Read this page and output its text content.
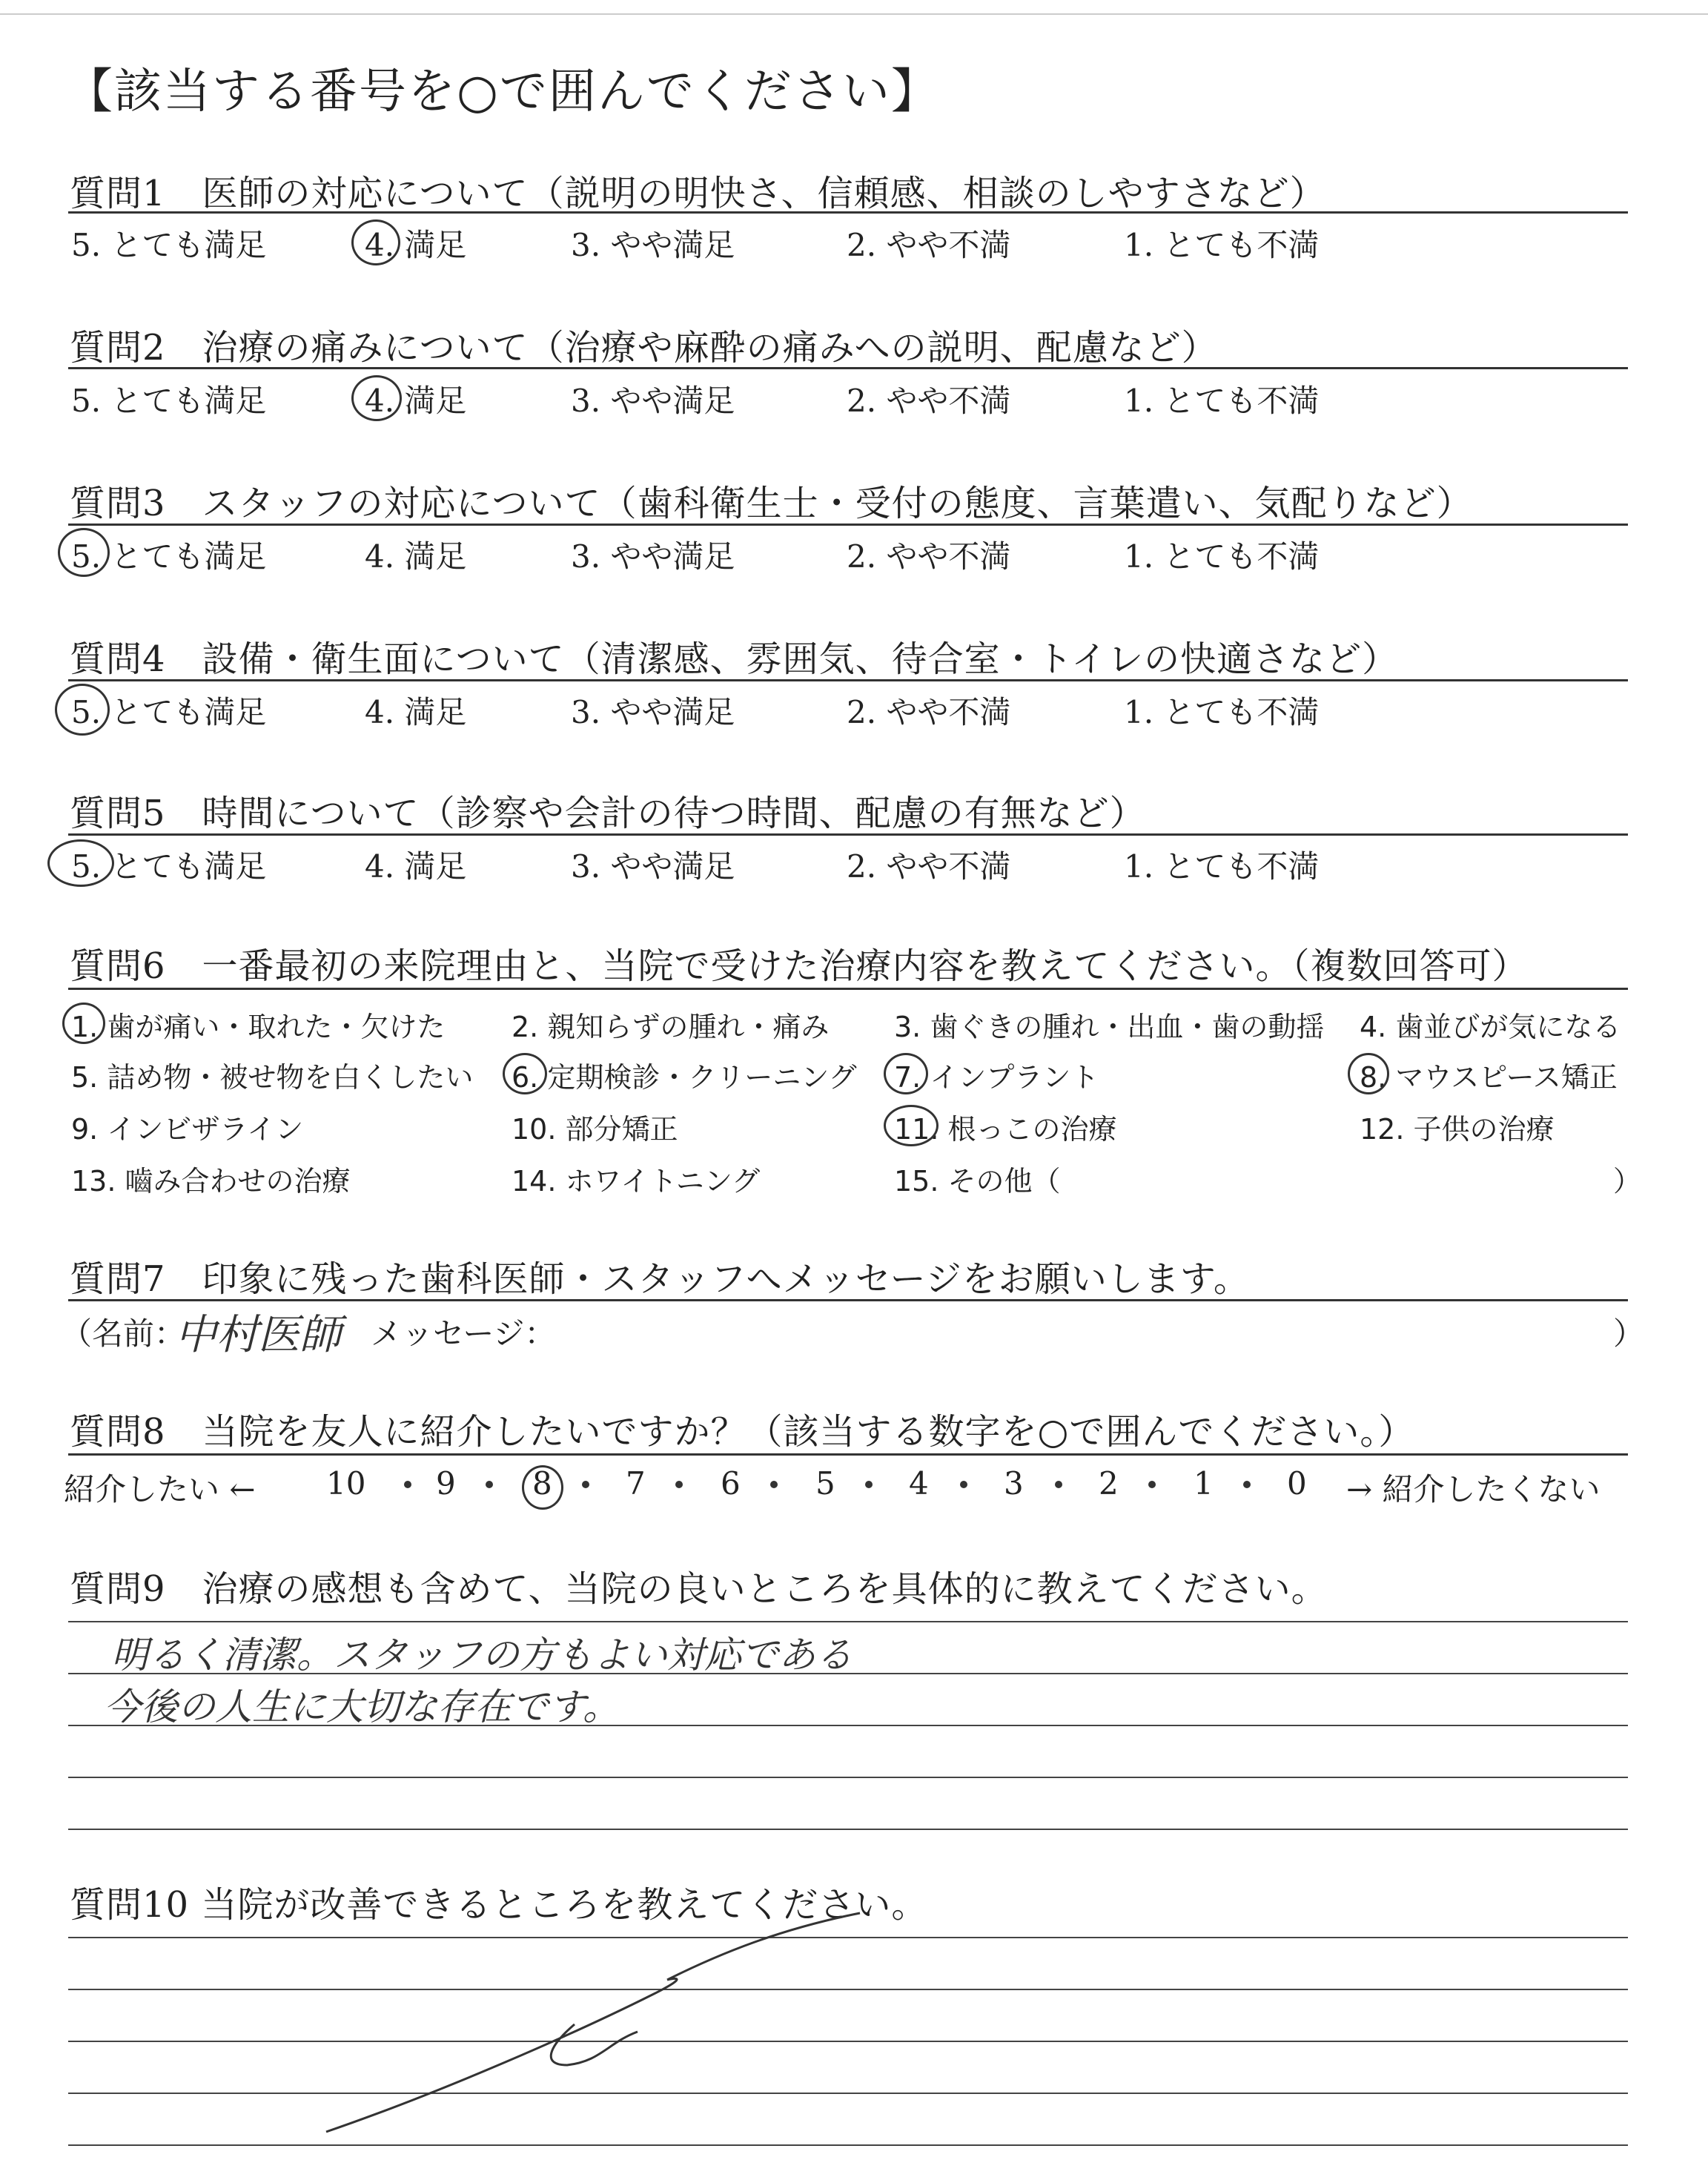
【該当する番号を○で囲んでください】
質問1　医師の対応について（説明の明快さ、信頼感、相談のしやすさなど）
5. とても満足	4. 満足	3. やや満足	2. やや不満	1. とても不満
質問2　治療の痛みについて（治療や麻酔の痛みへの説明、配慮など）
5. とても満足	4. 満足	3. やや満足	2. やや不満	1. とても不満
質問3　スタッフの対応について（歯科衛生士・受付の態度、言葉遣い、気配りなど）
5. とても満足	4. 満足	3. やや満足	2. やや不満	1. とても不満
質問4　設備・衛生面について（清潔感、雰囲気、待合室・トイレの快適さなど）
5. とても満足	4. 満足	3. やや満足	2. やや不満	1. とても不満
質問5　時間について（診察や会計の待つ時間、配慮の有無など）
5. とても満足	4. 満足	3. やや満足	2. やや不満	1. とても不満
質問6　一番最初の来院理由と、当院で受けた治療内容を教えてください。（複数回答可）
1. 歯が痛い・取れた・欠けた 2. 親知らずの腫れ・痛み 3. 歯ぐきの腫れ・出血・歯の動揺 4. 歯並びが気になる
5. 詰め物・被せ物を白くしたい 6. 定期検診・クリーニング 7. インプラント	8. マウスピース矯正
9. インビザライン	10. 部分矯正	11. 根っこの治療	12. 子供の治療
13. 嚙み合わせの治療	14. ホワイトニング	15. その他（	）
質問7　印象に残った歯科医師・スタッフへメッセージをお願いします。
（名前：
中村医師 メッセージ：	）
質問8　当院を友人に紹介したいですか？（該当する数字を○で囲んでください。）
紹介したい ← 10 9 8 7 6 5 4 3 2 1 0 → 紹介したくない
質問9　治療の感想も含めて、当院の良いところを具体的に教えてください。
明るく清潔。スタッフの方もよい対応である
今後の人生に大切な存在です。
質問10 当院が改善できるところを教えてください。
